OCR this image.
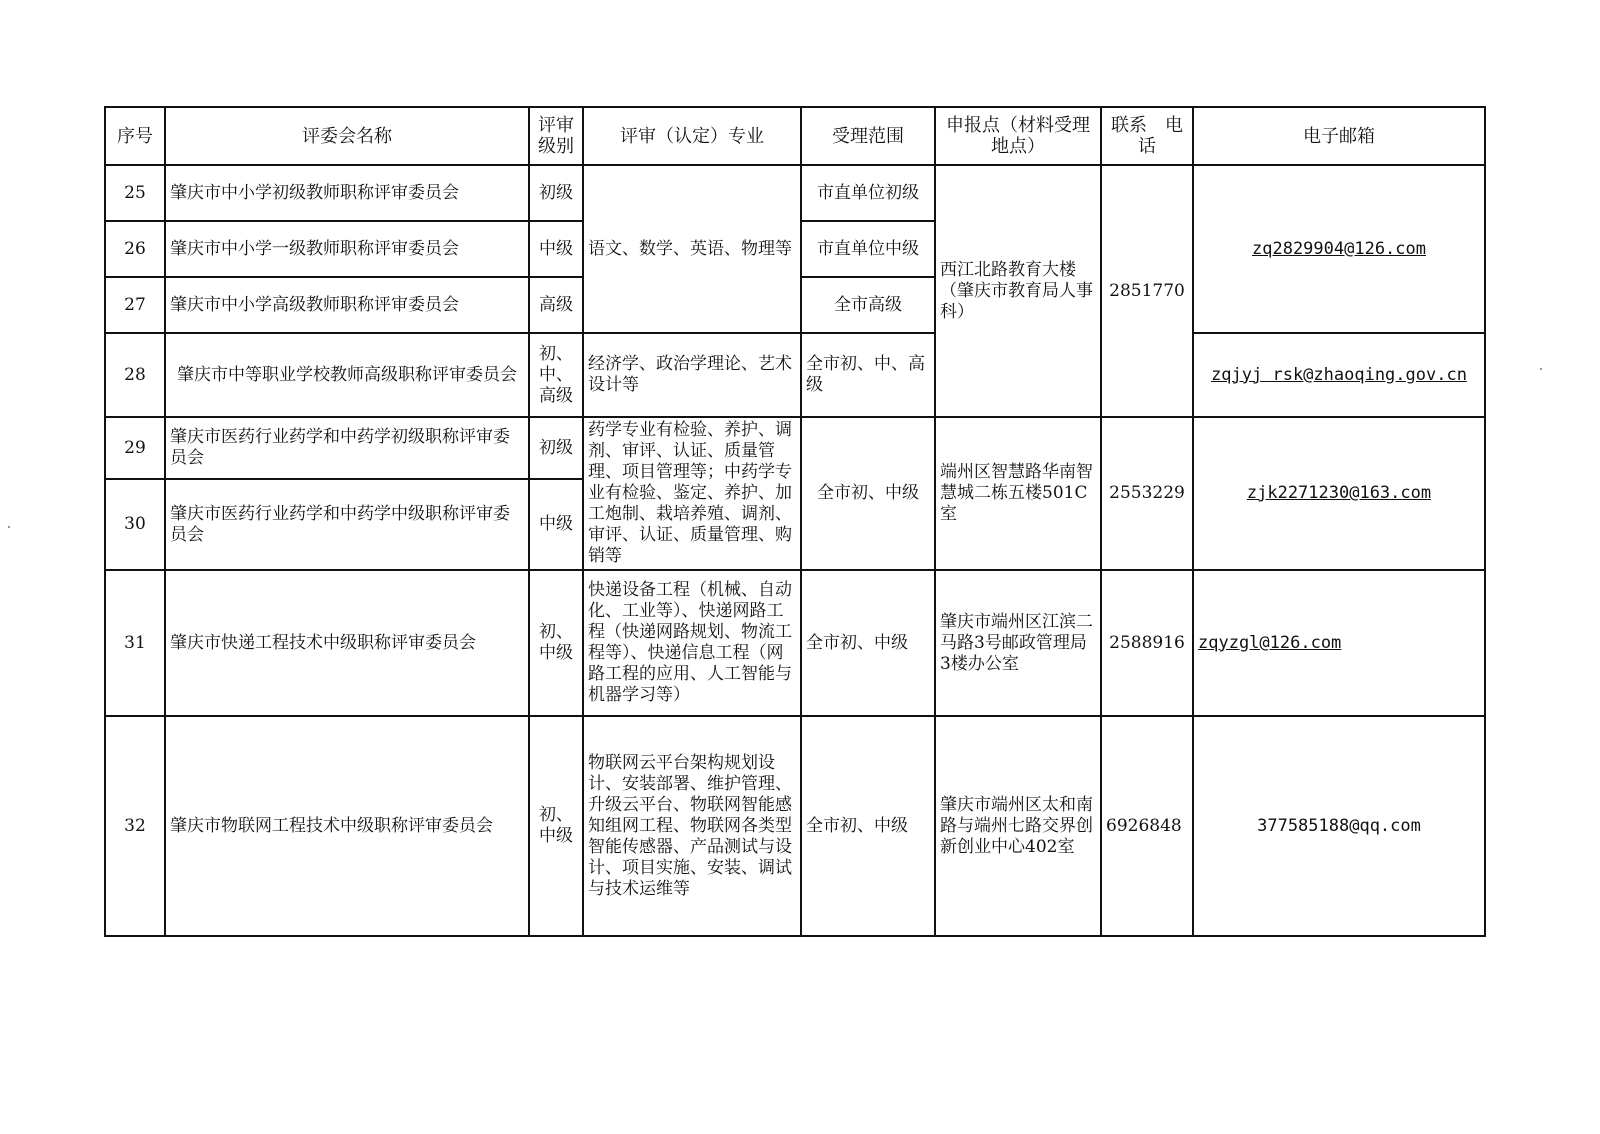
序号	评委会名称	评审级别	评审（认定）专业	受理范围	申报点（材料受理地点）	联系　电话	电子邮箱
25	肇庆市中小学初级教师职称评审委员会	初级	语文、数学、英语、物理等	市直单位初级	西江北路教育大楼（肇庆市教育局人事科）	2851770	zq2829904@126.com
26	肇庆市中小学一级教师职称评审委员会	中级		市直单位中级			
27	肇庆市中小学高级教师职称评审委员会	高级		全市高级			
28	肇庆市中等职业学校教师高级职称评审委员会	初、中、高级	经济学、政治学理论、艺术设计等	全市初、中、高级			zqjyj rsk@zhaoqing.gov.cn
29	肇庆市医药行业药学和中药学初级职称评审委员会	初级	药学专业有检验、养护、调剂、审评、认证、质量管理、项目管理等；中药学专业有检验、鉴定、养护、加工炮制、栽培养殖、调剂、审评、认证、质量管理、购销等	全市初、中级	端州区智慧路华南智慧城二栋五楼501C室	2553229	zjk2271230@163.com
30	肇庆市医药行业药学和中药学中级职称评审委员会	中级					
31	肇庆市快递工程技术中级职称评审委员会	初、中级	快递设备工程（机械、自动化、工业等）、快递网路工程（快递网路规划、物流工程等）、快递信息工程（网路工程的应用、人工智能与机器学习等）	全市初、中级	肇庆市端州区江滨二马路3号邮政管理局3楼办公室	2588916	zqyzgl@126.com
32	肇庆市物联网工程技术中级职称评审委员会	初、中级	物联网云平台架构规划设计、安装部署、维护管理、升级云平台、物联网智能感知组网工程、物联网各类型智能传感器、产品测试与设计、项目实施、安装、调试与技术运维等	全市初、中级	肇庆市端州区太和南路与端州七路交界创新创业中心402室	6926848	377585188@qq.com
